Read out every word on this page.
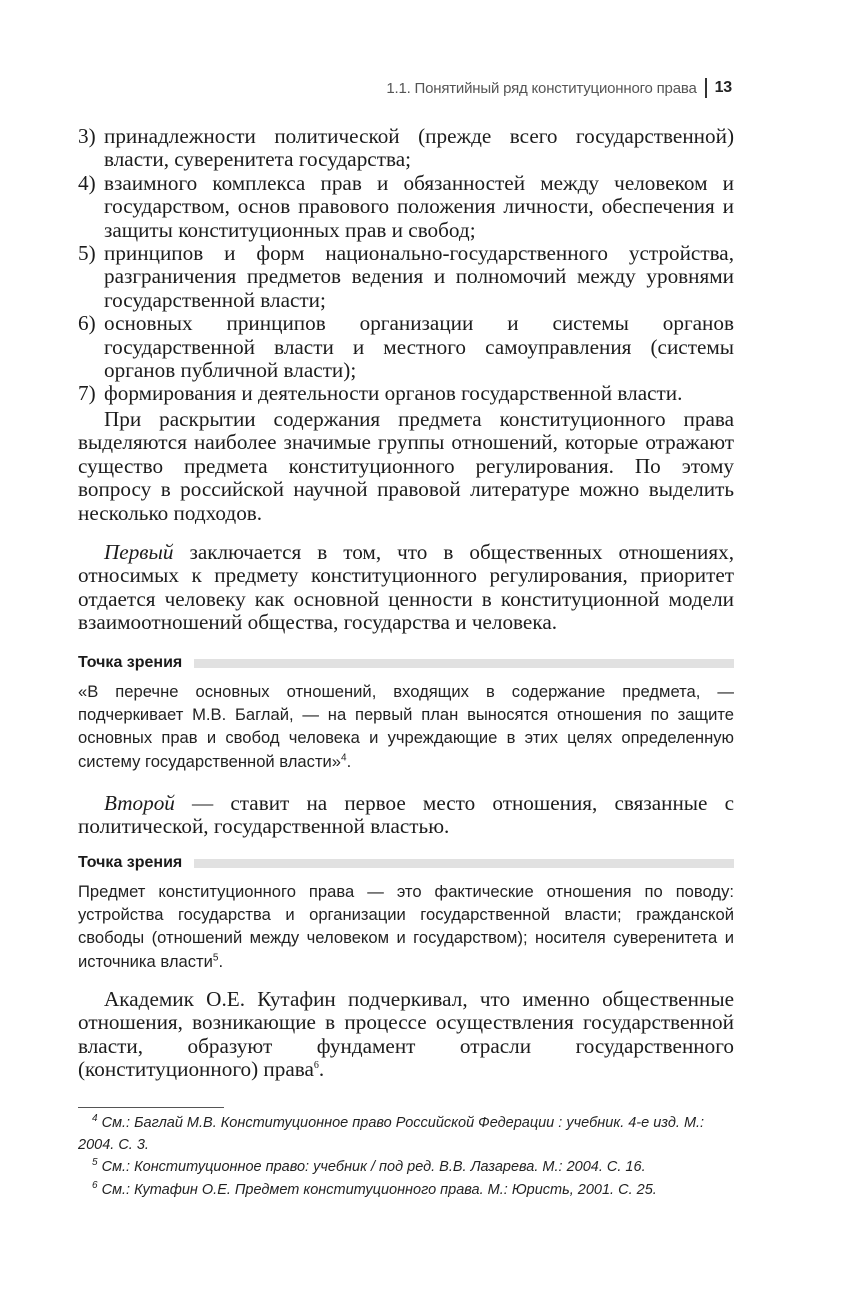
1.1. Понятийный ряд конституционного права 13
3) принадлежности политической (прежде всего государственной) власти, суверенитета государства;
4) взаимного комплекса прав и обязанностей между человеком и государством, основ правового положения личности, обеспечения и защиты конституционных прав и свобод;
5) принципов и форм национально-государственного устройства, разграничения предметов ведения и полномочий между уровнями государственной власти;
6) основных принципов организации и системы органов государственной власти и местного самоуправления (системы органов публичной власти);
7) формирования и деятельности органов государственной власти.

При раскрытии содержания предмета конституционного права выделяются наиболее значимые группы отношений, которые отражают существо предмета конституционного регулирования. По этому вопросу в российской научной правовой литературе можно выделить несколько подходов.

Первый заключается в том, что в общественных отношениях, относимых к предмету конституционного регулирования, приоритет отдается человеку как основной ценности в конституционной модели взаимоотношений общества, государства и человека.

Точка зрения

«В перечне основных отношений, входящих в содержание предмета, — подчеркивает М.В. Баглай, — на первый план выносятся отношения по защите основных прав и свобод человека и учреждающие в этих целях определенную систему государственной власти»$^4$.

Второй — ставит на первое место отношения, связанные с политической, государственной властью.

Точка зрения

Предмет конституционного права — это фактические отношения по поводу: устройства государства и организации государственной власти; гражданской свободы (отношений между человеком и государством); носителя суверенитета и источника власти$^5$.

Академик О.Е. Кутафин подчеркивал, что именно общественные отношения, возникающие в процессе осуществления государственной власти, образуют фундамент отрасли государственного (конституционного) права$^6$.

$^4$ См.: Баглай М.В. Конституционное право Российской Федерации : учебник. 4-е изд. М.: 2004. С. 3.
$^5$ См.: Конституционное право: учебник / под ред. В.В. Лазарева. М.: 2004. С. 16.
$^6$ См.: Кутафин О.Е. Предмет конституционного права. М.: Юристь, 2001. С. 25.
